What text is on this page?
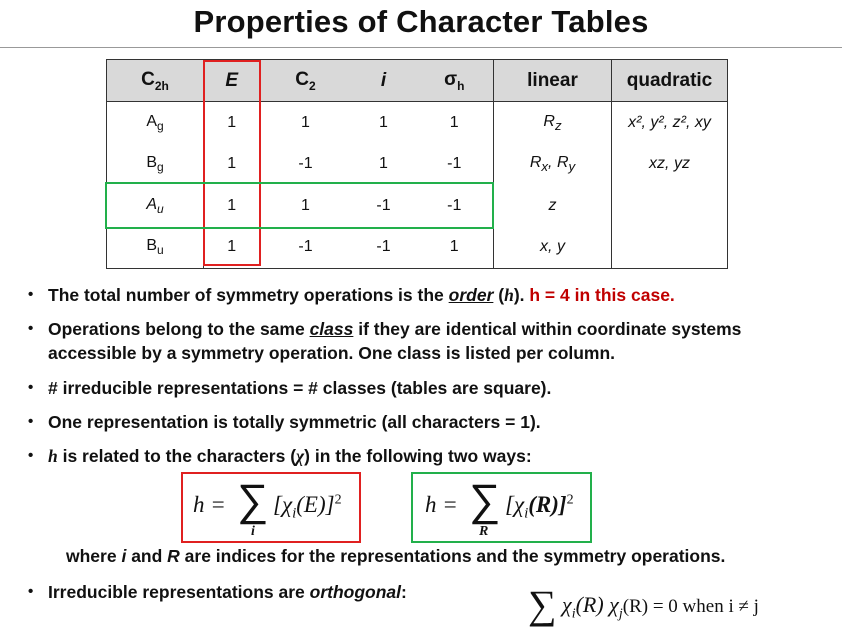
Properties of Character Tables
$C_{2h}$	E	$C_2$	i	$\sigma_h$	linear	quadratic
$A_g$	1	1	1	1	$R_z$	x², y², z², xy
$B_g$	1	-1	1	-1	$R_x$, $R_y$	xz, yz
$A_u$	1	1	-1	-1	z	
$B_u$	1	-1	-1	1	x, y	
• The total number of symmetry operations is the order (h). h = 4 in this case.
• Operations belong to the same class if they are identical within coordinate systems
accessible by a symmetry operation. One class is listed per column.
• # irreducible representations = # classes (tables are square).
• One representation is totally symmetric (all characters = 1).
• h is related to the characters (χ) in the following two ways:
• Irreducible representations are orthogonal:
h = ∑
i
$[\chi_i(E)]^2$	h = ∑
R
$[\chi_i(R)]^2$
where i and R are indices for the representations and the symmetry operations.
∑ $\chi_i(R) \chi_j(R) = 0$ when i ≠ j
